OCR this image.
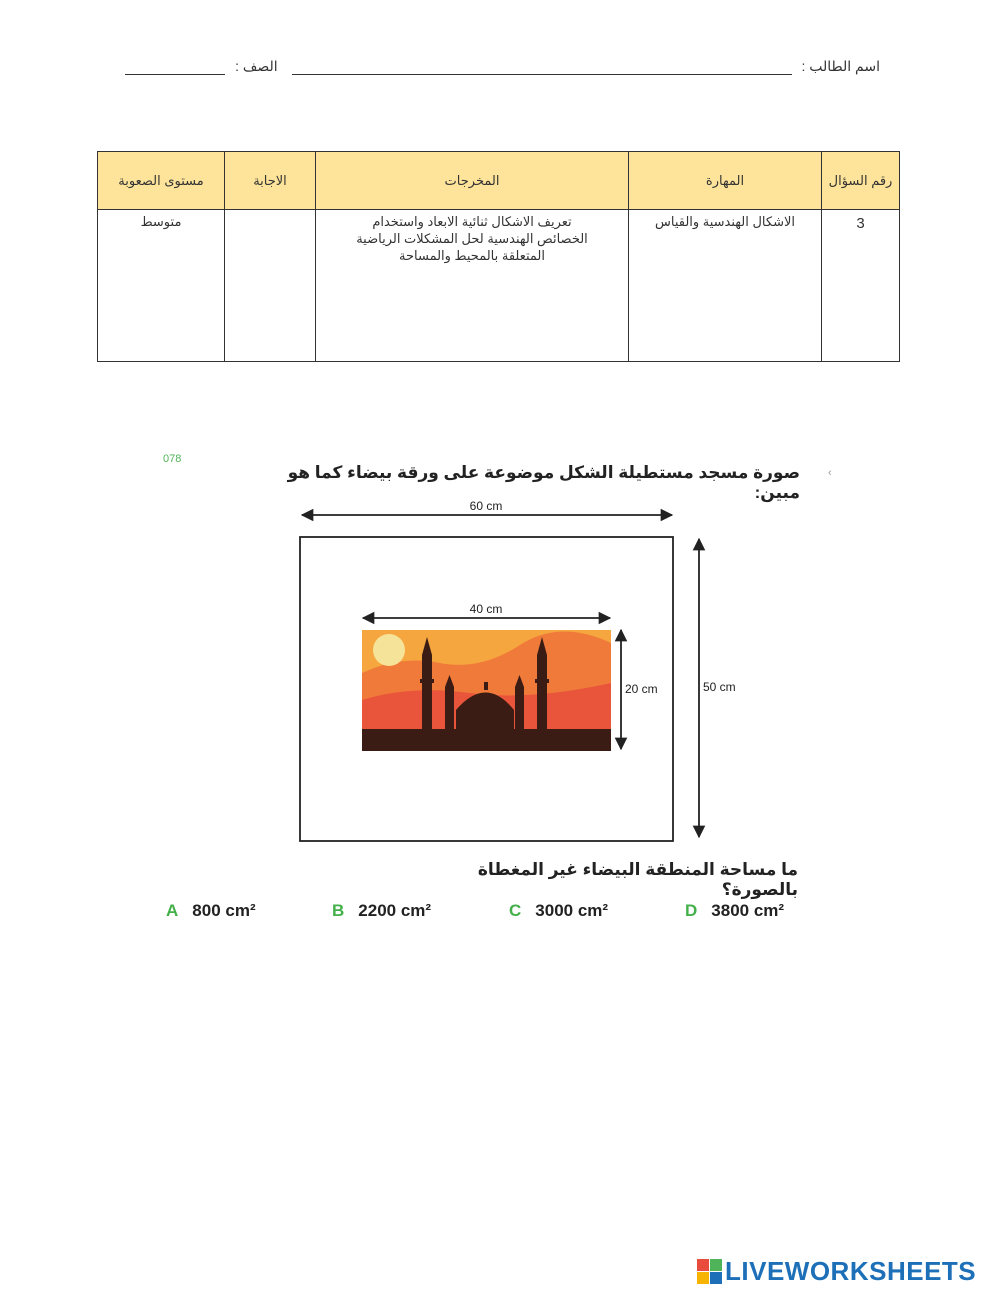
اسم الطالب :  الصف :
رقم السؤال	المهارة	المخرجات	الاجابة	مستوى الصعوبة
3	الاشكال الهندسية والقياس	تعريف الاشكال ثنائية الابعاد واستخدام الخصائص الهندسية لحل المشكلات الرياضية المتعلقة بالمحيط والمساحة		متوسط
078
‹
صورة مسجد مستطيلة الشكل موضوعة على ورقة بيضاء كما هو مبين:
60 cm
50 cm
40 cm
20 cm
ما مساحة المنطقة البيضاء غير المغطاة بالصورة؟
A 800 cm²	B 2200 cm²	C 3000 cm²	D 3800 cm²
LIVEWORKSHEETS
